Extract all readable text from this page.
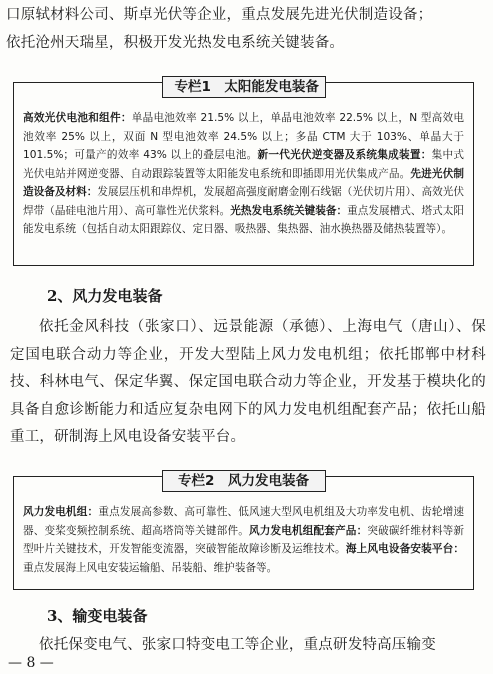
口原轼材料公司、斯卓光伏等企业，重点发展先进光伏制造设备；
依托沧州天瑞星，积极开发光热发电系统关键装备。
专栏1　太阳能发电装备
高效光伏电池和组件：单晶电池效率 21.5% 以上，单晶电池效率 22.5% 以上，N 型高效电池效率 25% 以上，双面 N 型电池效率 24.5% 以上；多晶 CTM 大于 103%、单晶大于 101.5%；可量产的效率 43% 以上的叠层电池。新一代光伏逆变器及系统集成装置：集中式光伏电站并网逆变器、自动跟踪装置等太阳能发电系统和即插即用光伏集成产品。先进光伏制造设备及材料：发展层压机和串焊机，发展超高强度耐磨金刚石线锯（光伏切片用）、高效光伏焊带（晶硅电池片用）、高可靠性光伏浆料。光热发电系统关键装备：重点发展槽式、塔式太阳能发电系统（包括自动太阳跟踪仪、定日器、吸热器、集热器、油水换热器及储热装置等）。
2、风力发电装备
依托金风科技（张家口）、远景能源（承德）、上海电气（唐山）、保定国电联合动力等企业，开发大型陆上风力发电机组；依托邯郸中材科技、科林电气、保定华翼、保定国电联合动力等企业，开发基于模块化的具备自愈诊断能力和适应复杂电网下的风力发电机组配套产品；依托山船重工，研制海上风电设备安装平台。
专栏2　风力发电装备
风力发电机组：重点发展高参数、高可靠性、低风速大型风电机组及大功率发电机、齿轮增速器、变桨变频控制系统、超高塔筒等关键部件。风力发电机组配套产品：突破碳纤维材料等新型叶片关键技术，开发智能变流器，突破智能故障诊断及运维技术。海上风电设备安装平台：重点发展海上风电安装运输船、吊装船、维护装备等。
3、输变电装备
依托保变电气、张家口特变电工等企业，重点研发特高压输变
— 8 —
